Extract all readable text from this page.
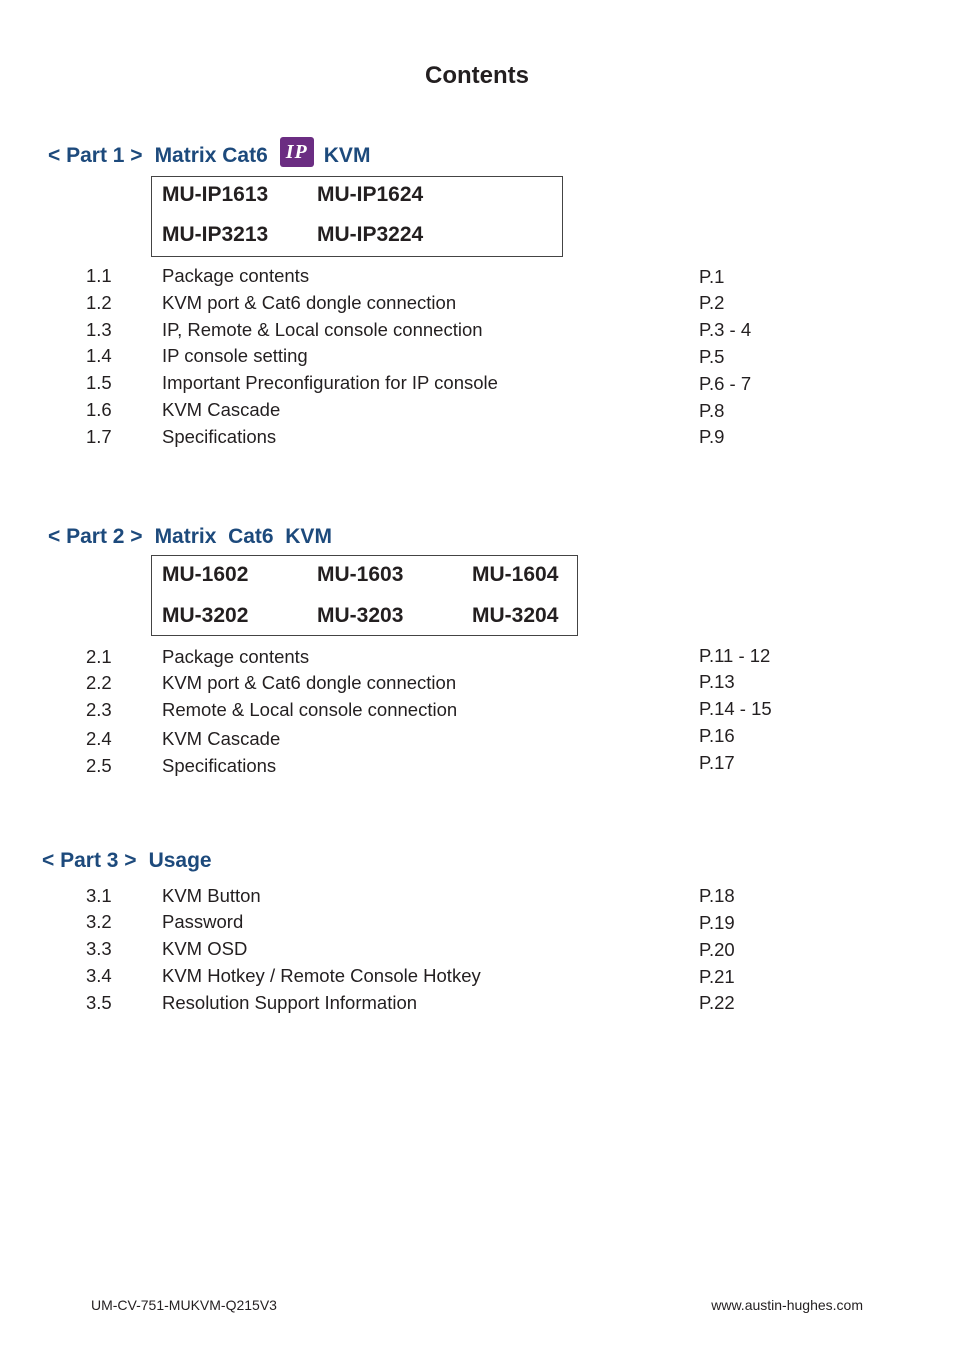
Contents
< Part 1 > Matrix Cat6 IP KVM
MU-IP1613 MU-IP1624
MU-IP3213 MU-IP3224
1.1	Package contents	P.1
1.2	KVM port & Cat6 dongle connection	P.2
1.3	IP, Remote & Local console connection	P.3 - 4
1.4	IP console setting	P.5
1.5	Important Preconfiguration for IP console	P.6 - 7
1.6	KVM Cascade	P.8
1.7	Specifications	P.9
< Part 2 > Matrix  Cat6  KVM
MU-1602	MU-1603	MU-1604
MU-3202	MU-3203	MU-3204
2.1	Package contents	P.11 - 12
2.2	KVM port & Cat6 dongle connection	P.13
2.3	Remote & Local console connection	P.14 - 15
2.4	KVM Cascade	P.16
2.5	Specifications	P.17
< Part 3 > Usage
3.1	KVM Button	P.18
3.2	Password	P.19
3.3	KVM OSD	P.20
3.4	KVM Hotkey / Remote Console Hotkey	P.21
3.5	Resolution Support Information	P.22
UM-CV-751-MUKVM-Q215V3	www.austin-hughes.com
